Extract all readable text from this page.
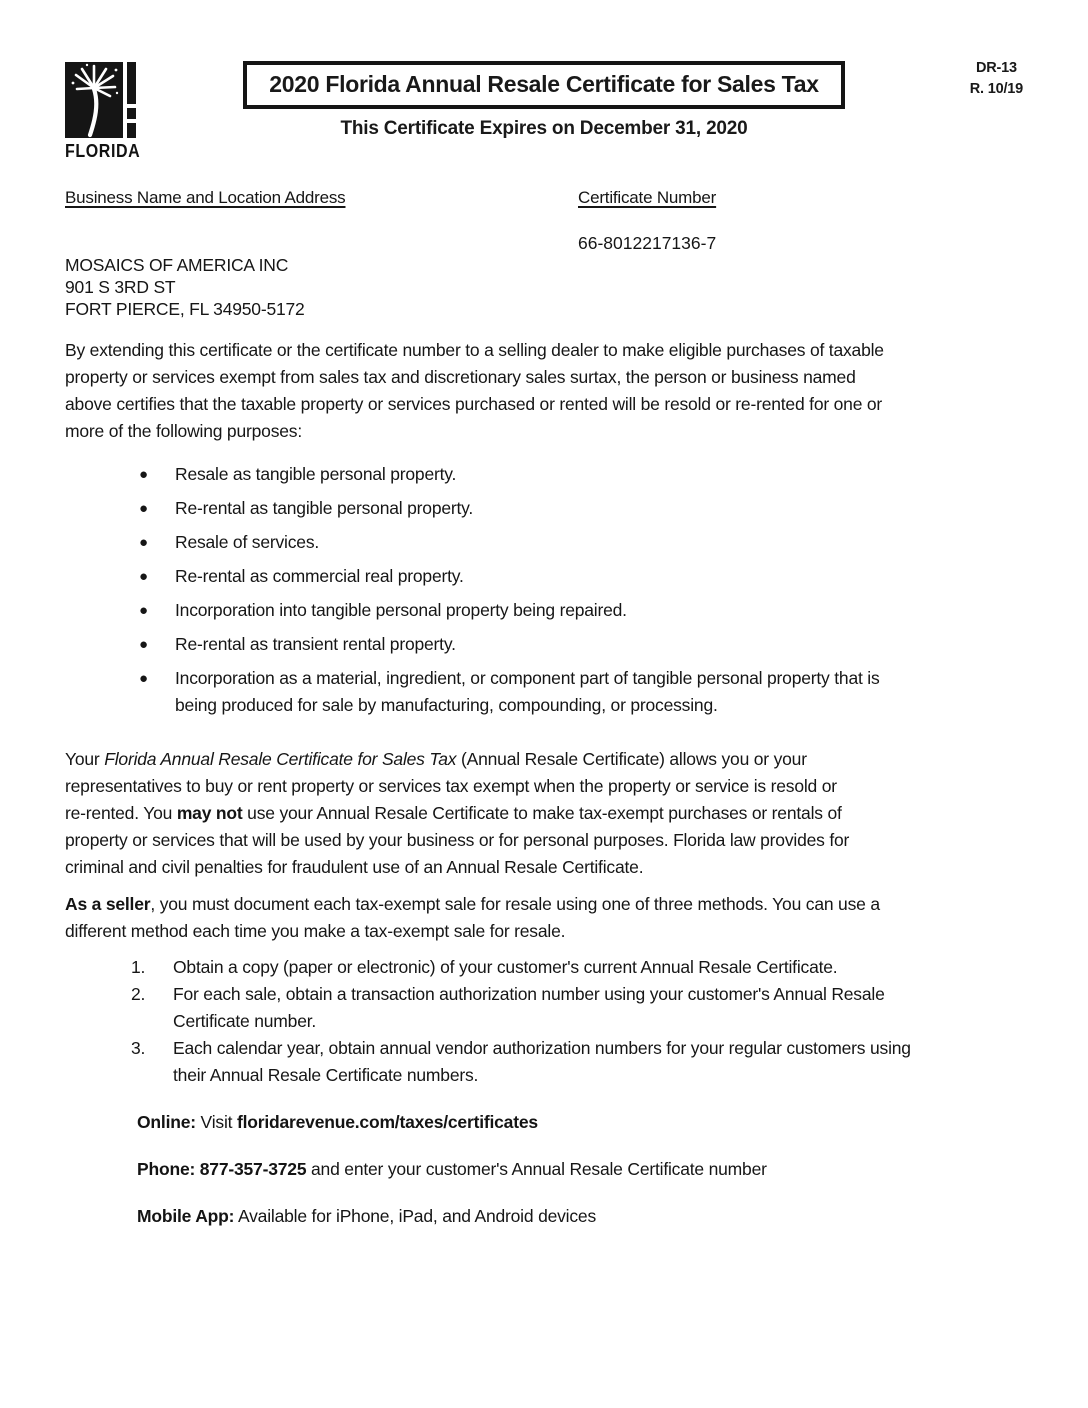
FLORIDA
2020 Florida Annual Resale Certificate for Sales Tax
This Certificate Expires on December 31, 2020
DR-13
R. 10/19
Business Name and Location Address
MOSAICS OF AMERICA INC
901 S 3RD ST
FORT PIERCE, FL 34950-5172
Certificate Number
66-8012217136-7
By extending this certificate or the certificate number to a selling dealer to make eligible purchases of taxable
property or services exempt from sales tax and discretionary sales surtax, the person or business named
above certifies that the taxable property or services purchased or rented will be resold or re-rented for one or
more of the following purposes:
● Resale as tangible personal property.
● Re-rental as tangible personal property.
● Resale of services.
● Re-rental as commercial real property.
● Incorporation into tangible personal property being repaired.
● Re-rental as transient rental property.
● Incorporation as a material, ingredient, or component part of tangible personal property that is
being produced for sale by manufacturing, compounding, or processing.
Your Florida Annual Resale Certificate for Sales Tax (Annual Resale Certificate) allows you or your
representatives to buy or rent property or services tax exempt when the property or service is resold or
re-rented. You may not use your Annual Resale Certificate to make tax-exempt purchases or rentals of
property or services that will be used by your business or for personal purposes. Florida law provides for
criminal and civil penalties for fraudulent use of an Annual Resale Certificate.
As a seller, you must document each tax-exempt sale for resale using one of three methods. You can use a
different method each time you make a tax-exempt sale for resale.
1. Obtain a copy (paper or electronic) of your customer's current Annual Resale Certificate.
2. For each sale, obtain a transaction authorization number using your customer's Annual Resale
Certificate number.
3. Each calendar year, obtain annual vendor authorization numbers for your regular customers using
their Annual Resale Certificate numbers.
Online: Visit floridarevenue.com/taxes/certificates
Phone: 877-357-3725 and enter your customer's Annual Resale Certificate number
Mobile App: Available for iPhone, iPad, and Android devices
